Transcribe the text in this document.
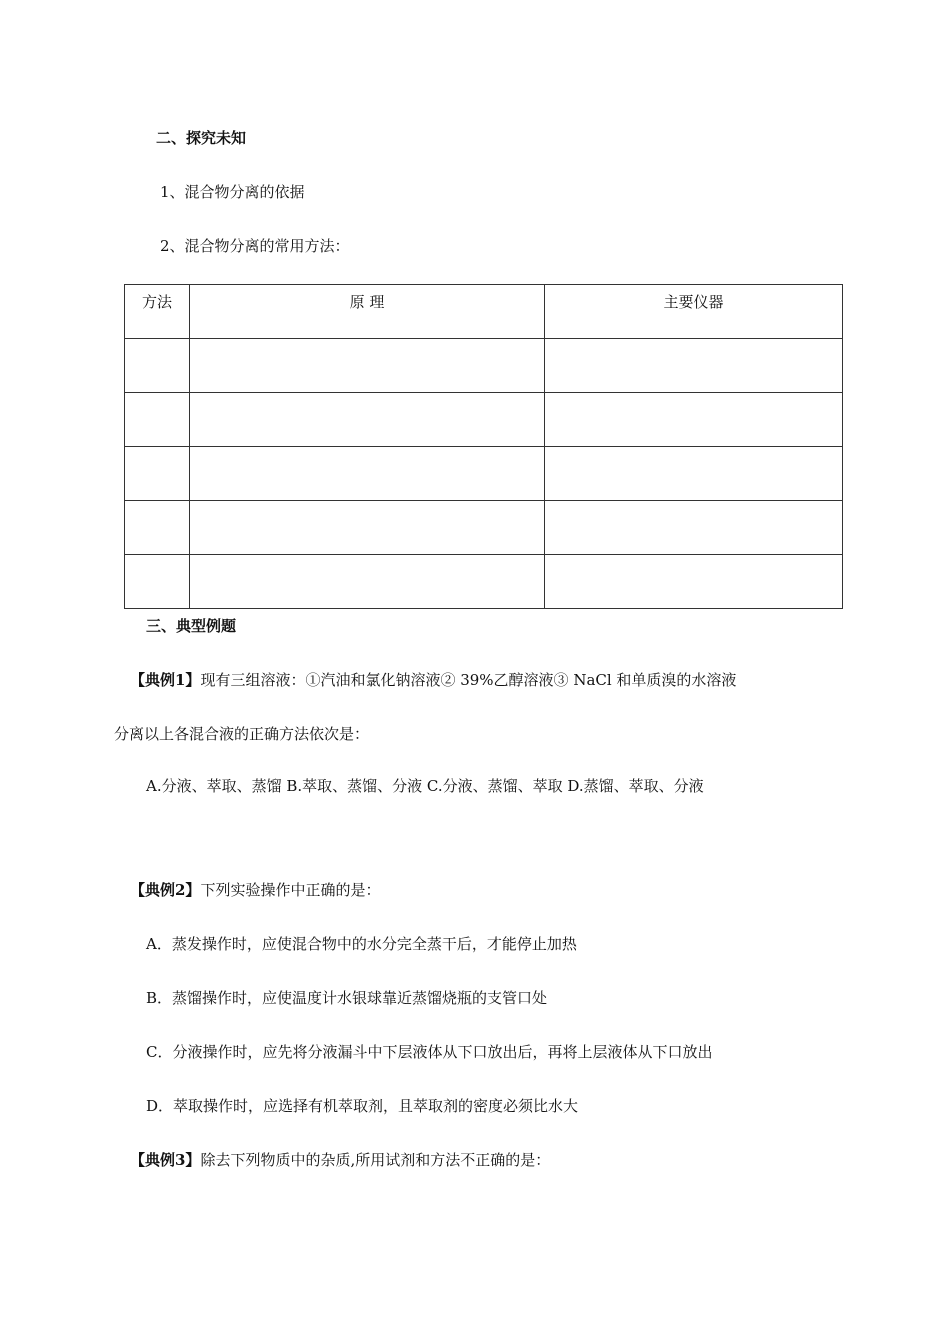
二、探究未知
1、混合物分离的依据
2、混合物分离的常用方法：
方法	原 理	主要仪器

三、典型例题
【典例1】现有三组溶液：①汽油和氯化钠溶液② 39%乙醇溶液③ NaCl 和单质溴的水溶液
分离以上各混合液的正确方法依次是：
A.分液、萃取、蒸馏 B.萃取、蒸馏、分液 C.分液、蒸馏、萃取 D.蒸馏、萃取、分液
【典例2】下列实验操作中正确的是：
A．蒸发操作时，应使混合物中的水分完全蒸干后，才能停止加热
B．蒸馏操作时，应使温度计水银球靠近蒸馏烧瓶的支管口处
C．分液操作时，应先将分液漏斗中下层液体从下口放出后，再将上层液体从下口放出
D．萃取操作时，应选择有机萃取剂，且萃取剂的密度必须比水大
【典例3】除去下列物质中的杂质,所用试剂和方法不正确的是：
